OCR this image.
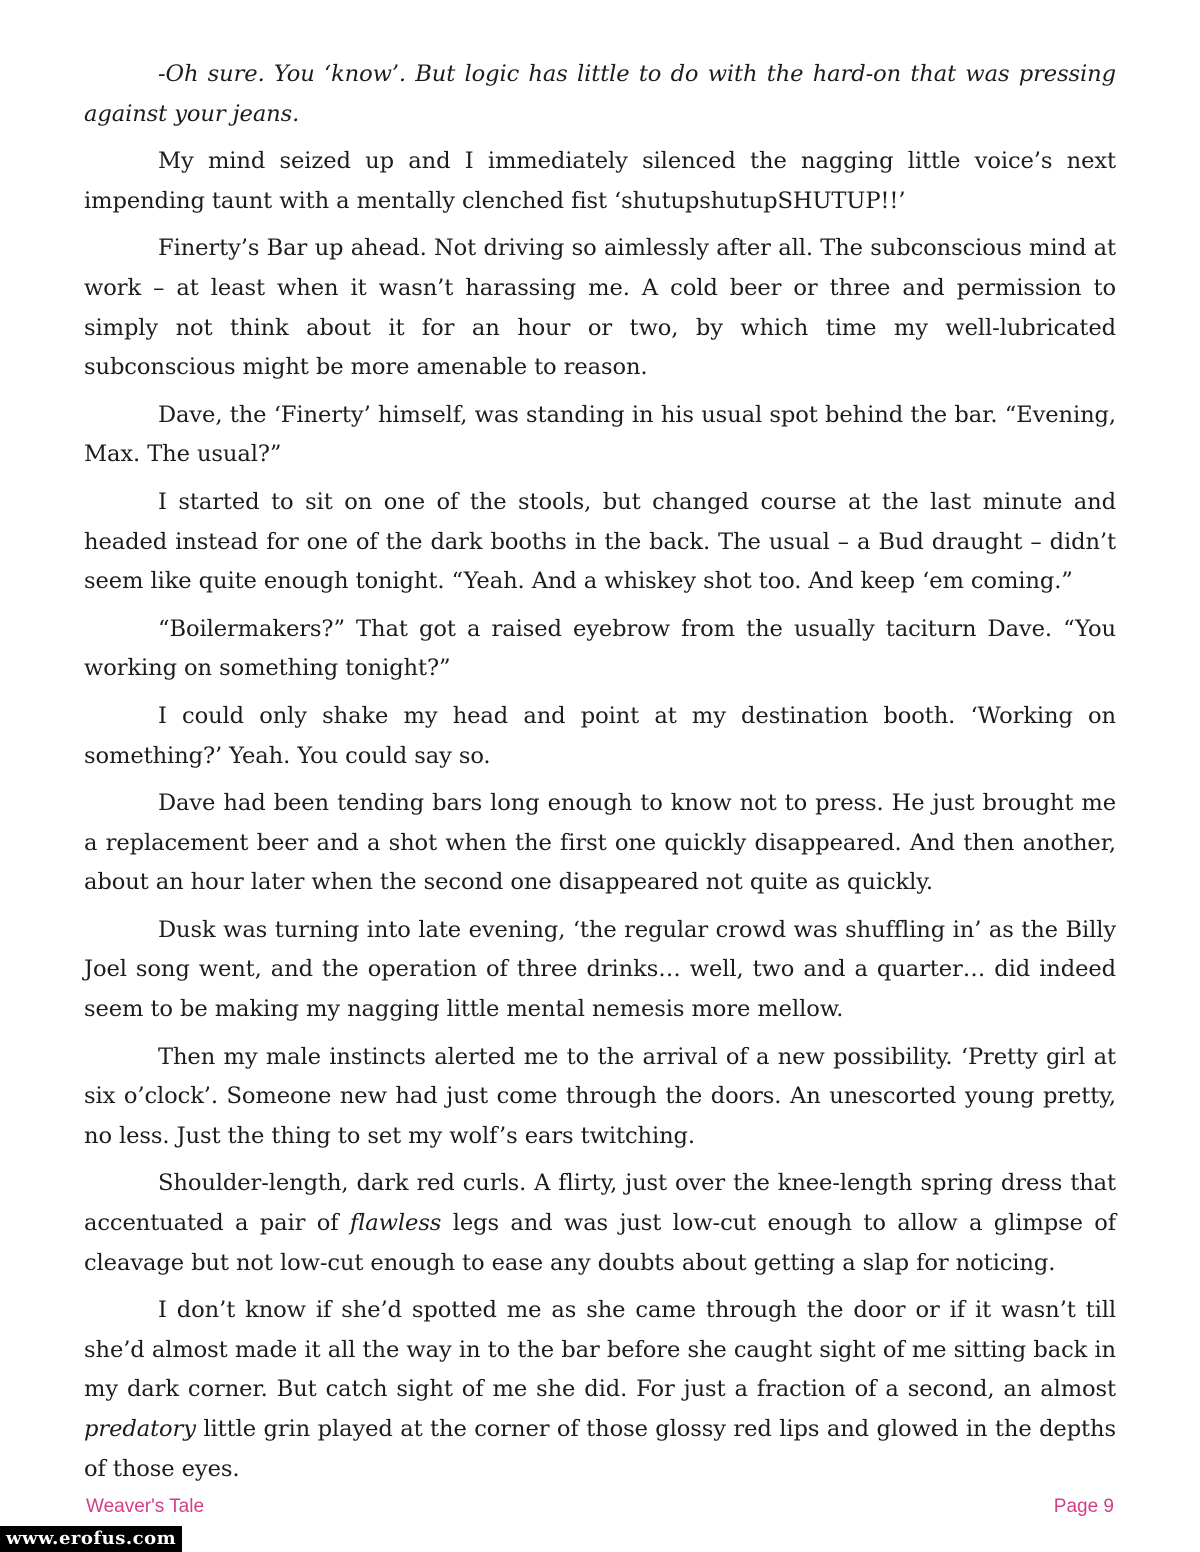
-Oh sure. You ‘know’. But logic has little to do with the hard-on that was pressing against your jeans.

My mind seized up and I immediately silenced the nagging little voice’s next impending taunt with a mentally clenched fist ‘shutupshutupSHUTUP!!’

Finerty’s Bar up ahead. Not driving so aimlessly after all. The subconscious mind at work – at least when it wasn’t harassing me. A cold beer or three and permission to simply not think about it for an hour or two, by which time my well-lubricated subconscious might be more amenable to reason.

Dave, the ‘Finerty’ himself, was standing in his usual spot behind the bar. “Evening, Max. The usual?”

I started to sit on one of the stools, but changed course at the last minute and headed instead for one of the dark booths in the back. The usual – a Bud draught – didn’t seem like quite enough tonight. “Yeah. And a whiskey shot too. And keep ‘em coming.”

“Boilermakers?” That got a raised eyebrow from the usually taciturn Dave. “You working on something tonight?”

I could only shake my head and point at my destination booth. ‘Working on something?’ Yeah. You could say so.

Dave had been tending bars long enough to know not to press. He just brought me a replacement beer and a shot when the first one quickly disappeared. And then another, about an hour later when the second one disappeared not quite as quickly.

Dusk was turning into late evening, ‘the regular crowd was shuffling in’ as the Billy Joel song went, and the operation of three drinks… well, two and a quarter… did indeed seem to be making my nagging little mental nemesis more mellow.

Then my male instincts alerted me to the arrival of a new possibility. ‘Pretty girl at six o’clock’. Someone new had just come through the doors. An unescorted young pretty, no less. Just the thing to set my wolf’s ears twitching.

Shoulder-length, dark red curls. A flirty, just over the knee-length spring dress that accentuated a pair of flawless legs and was just low-cut enough to allow a glimpse of cleavage but not low-cut enough to ease any doubts about getting a slap for noticing.

I don’t know if she’d spotted me as she came through the door or if it wasn’t till she’d almost made it all the way in to the bar before she caught sight of me sitting back in my dark corner. But catch sight of me she did. For just a fraction of a second, an almost predatory little grin played at the corner of those glossy red lips and glowed in the depths of those eyes.

Weaver's Tale	Page 9
www.erofus.com
